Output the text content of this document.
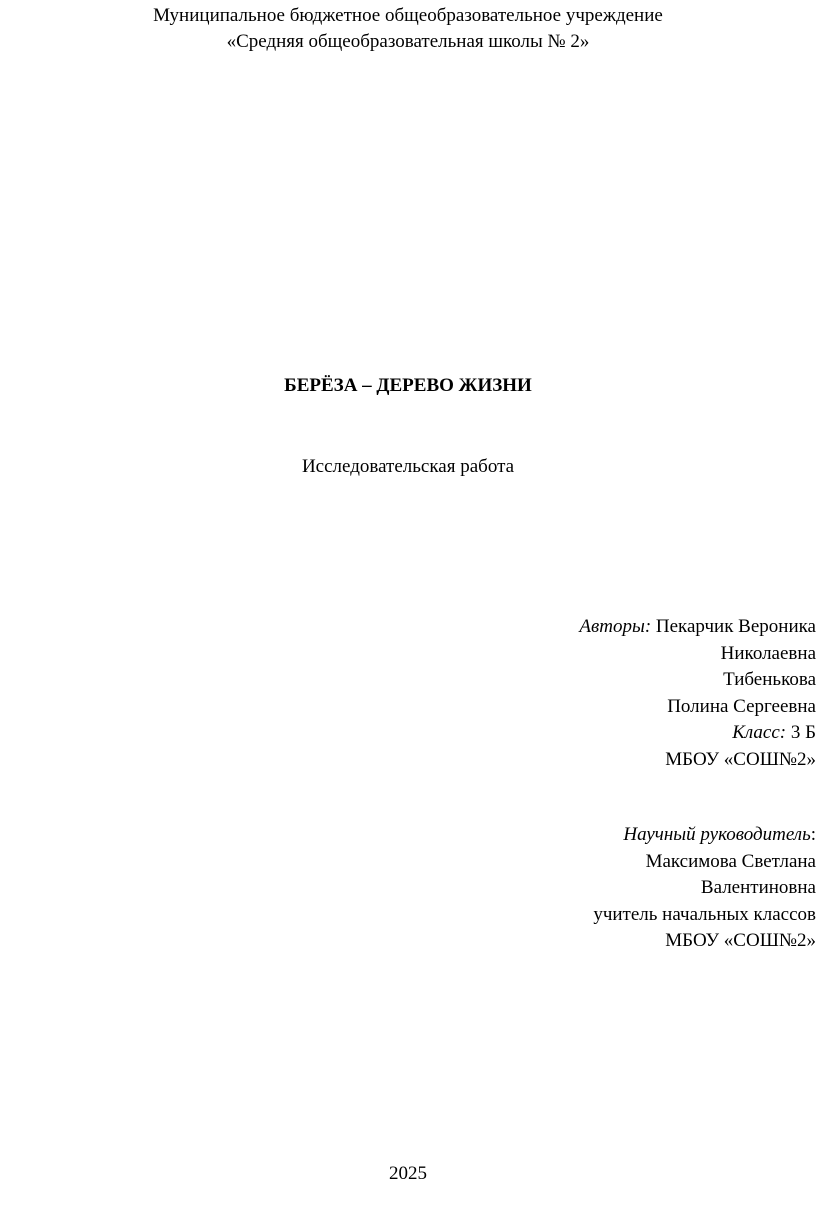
Муниципальное бюджетное общеобразовательное учреждение
«Средняя общеобразовательная школы № 2»
БЕРЁЗА – ДЕРЕВО ЖИЗНИ
Исследовательская работа
Авторы: Пекарчик Вероника
Николаевна
Тибенькова
Полина Сергеевна
Класс: 3 Б
МБОУ «СОШ№2»
Научный руководитель:
Максимова Светлана
Валентиновна
учитель начальных классов
МБОУ «СОШ№2»
2025
